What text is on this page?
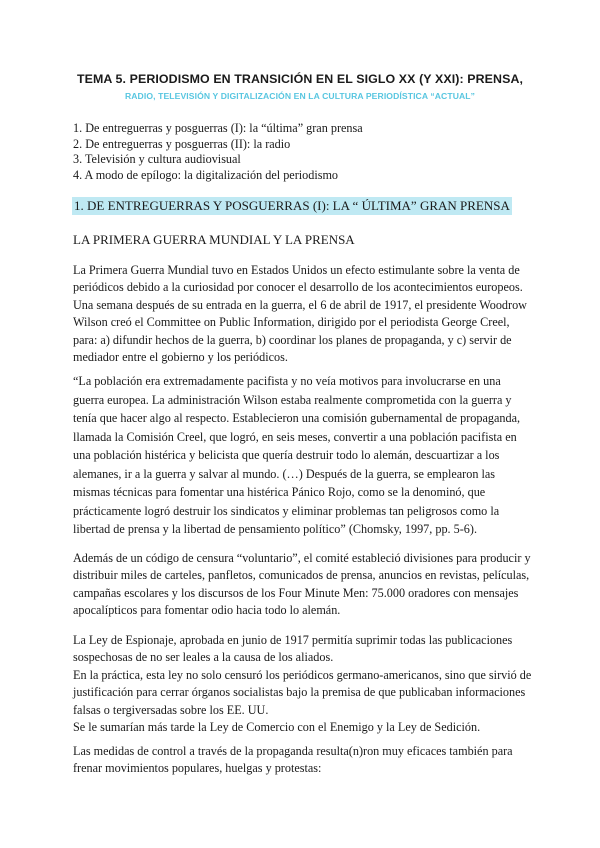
TEMA 5. PERIODISMO EN TRANSICIÓN EN EL SIGLO XX (Y XXI): PRENSA,
RADIO, TELEVISIÓN Y DIGITALIZACIÓN EN LA CULTURA PERIODÍSTICA “ACTUAL”
1. De entreguerras y posguerras (I): la “última” gran prensa
2. De entreguerras y posguerras (II): la radio
3. Televisión y cultura audiovisual
4. A modo de epílogo: la digitalización del periodismo
1. DE ENTREGUERRAS Y POSGUERRAS (I): LA “ ÚLTIMA” GRAN PRENSA
LA PRIMERA GUERRA MUNDIAL Y LA PRENSA
La Primera Guerra Mundial tuvo en Estados Unidos un efecto estimulante sobre la venta de
periódicos debido a la curiosidad por conocer el desarrollo de los acontecimientos europeos.
Una semana después de su entrada en la guerra, el 6 de abril de 1917, el presidente Woodrow
Wilson creó el Committee on Public Information, dirigido por el periodista George Creel,
para: a) difundir hechos de la guerra, b) coordinar los planes de propaganda, y c) servir de
mediador entre el gobierno y los periódicos.
“La población era extremadamente pacifista y no veía motivos para involucrarse en una
guerra europea. La administración Wilson estaba realmente comprometida con la guerra y
tenía que hacer algo al respecto. Establecieron una comisión gubernamental de propaganda,
llamada la Comisión Creel, que logró, en seis meses, convertir a una población pacifista en
una población histérica y belicista que quería destruir todo lo alemán, descuartizar a los
alemanes, ir a la guerra y salvar al mundo. (…) Después de la guerra, se emplearon las
mismas técnicas para fomentar una histérica Pánico Rojo, como se la denominó, que
prácticamente logró destruir los sindicatos y eliminar problemas tan peligrosos como la
libertad de prensa y la libertad de pensamiento político” (Chomsky, 1997, pp. 5-6).
Además de un código de censura “voluntario”, el comité estableció divisiones para producir y
distribuir miles de carteles, panfletos, comunicados de prensa, anuncios en revistas, películas,
campañas escolares y los discursos de los Four Minute Men: 75.000 oradores con mensajes
apocalípticos para fomentar odio hacia todo lo alemán.
La Ley de Espionaje, aprobada en junio de 1917 permitía suprimir todas las publicaciones
sospechosas de no ser leales a la causa de los aliados.
En la práctica, esta ley no solo censuró los periódicos germano-americanos, sino que sirvió de
justificación para cerrar órganos socialistas bajo la premisa de que publicaban informaciones
falsas o tergiversadas sobre los EE. UU.
Se le sumarían más tarde la Ley de Comercio con el Enemigo y la Ley de Sedición.
Las medidas de control a través de la propaganda resulta(n)ron muy eficaces también para
frenar movimientos populares, huelgas y protestas:
